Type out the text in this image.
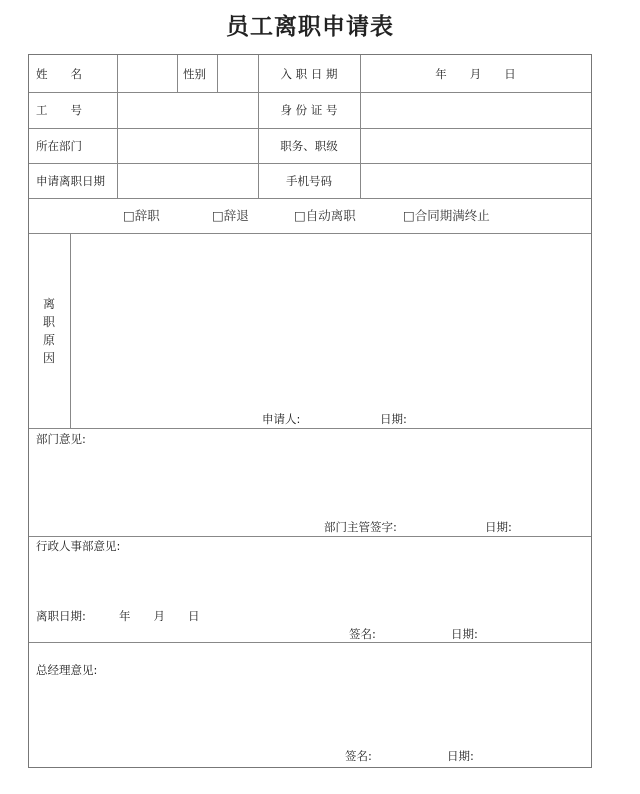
员工离职申请表
姓　　名	性别	入 职 日 期	年　　月　　日
工　　号	身 份 证 号
所在部门	职务、职级
申请离职日期	手机号码
□辞职	□辞退	□自动离职	□合同期满终止
离
职
原
因
申请人:	日期:
部门意见:
部门主管签字:	日期:
行政人事部意见:
离职日期:	年　　月　　日
签名:	日期:
总经理意见:
签名:	日期:
